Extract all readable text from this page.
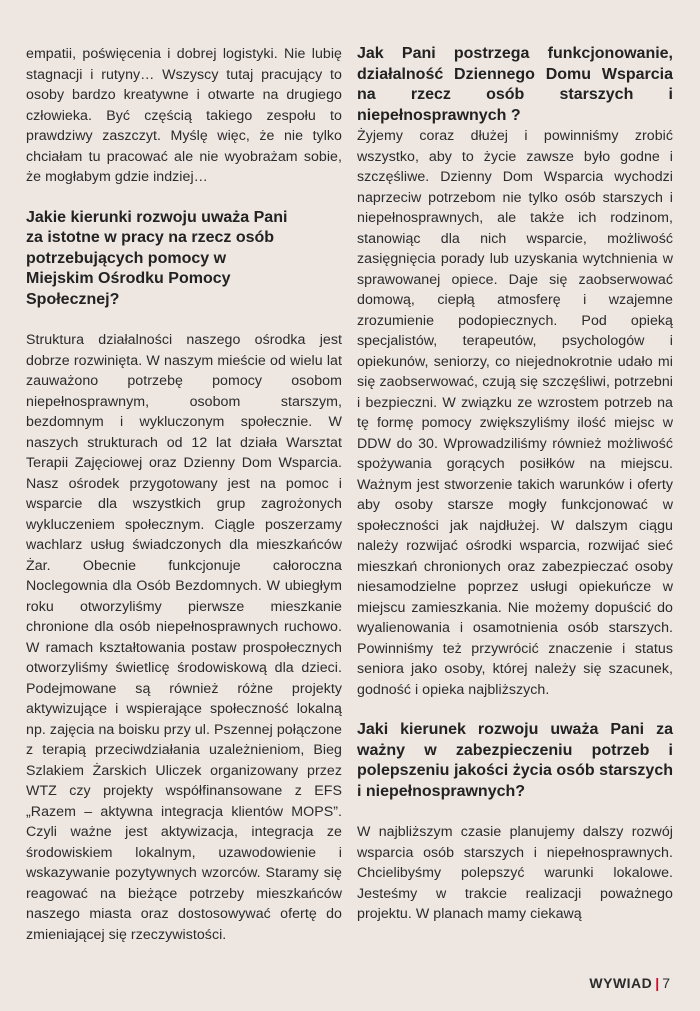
empatii, poświęcenia i dobrej logistyki. Nie lubię stagnacji i rutyny… Wszyscy tutaj pracujący to osoby bardzo kreatywne i otwarte na drugiego człowieka. Być częścią takiego zespołu to prawdziwy zaszczyt. Myślę więc, że nie tylko chciałam tu pracować ale nie wyobrażam sobie, że mogłabym gdzie indziej…

Jakie kierunki rozwoju uważa Pani za istotne w pracy na rzecz osób potrzebujących pomocy w Miejskim Ośrodku Pomocy Społecznej?

Struktura działalności naszego ośrodka jest dobrze rozwinięta. W naszym mieście od wielu lat zauważono potrzebę pomocy osobom niepełnosprawnym, osobom starszym, bezdomnym i wykluczonym społecznie. W naszych strukturach od 12 lat działa Warsztat Terapii Zajęciowej oraz Dzienny Dom Wsparcia. Nasz ośrodek przygotowany jest na pomoc i wsparcie dla wszystkich grup zagrożonych wykluczeniem społecznym. Ciągle poszerzamy wachlarz usług świadczonych dla mieszkańców Żar. Obecnie funkcjonuje całoroczna Noclegownia dla Osób Bezdomnych. W ubiegłym roku otworzyliśmy pierwsze mieszkanie chronione dla osób niepełnosprawnych ruchowo. W ramach kształtowania postaw prospołecznych otworzyliśmy świetlicę środowiskową dla dzieci. Podejmowane są również różne projekty aktywizujące i wspierające społeczność lokalną np. zajęcia na boisku przy ul. Pszennej połączone z terapią przeciwdziałania uzależnieniom, Bieg Szlakiem Żarskich Uliczek organizowany przez WTZ czy projekty współfinansowane z EFS „Razem – aktywna integracja klientów MOPS”. Czyli ważne jest aktywizacja, integracja ze środowiskiem lokalnym, uzawodowienie i wskazywanie pozytywnych wzorców. Staramy się reagować na bieżące potrzeby mieszkańców naszego miasta oraz dostosowywać ofertę do zmieniającej się rzeczywistości.

Jak Pani postrzega funkcjonowanie, działalność Dziennego Domu Wsparcia na rzecz osób starszych i niepełnosprawnych ?

Żyjemy coraz dłużej i powinniśmy zrobić wszystko, aby to życie zawsze było godne i szczęśliwe. Dzienny Dom Wsparcia wychodzi naprzeciw potrzebom nie tylko osób starszych i niepełnosprawnych, ale także ich rodzinom, stanowiąc dla nich wsparcie, możliwość zasięgnięcia porady lub uzyskania wytchnienia w sprawowanej opiece. Daje się zaobserwować domową, ciepłą atmosferę i wzajemne zrozumienie podopiecznych. Pod opieką specjalistów, terapeutów, psychologów i opiekunów, seniorzy, co niejednokrotnie udało mi się zaobserwować, czują się szczęśliwi, potrzebni i bezpieczni. W związku ze wzrostem potrzeb na tę formę pomocy zwiększyliśmy ilość miejsc w DDW do 30. Wprowadziliśmy również możliwość spożywania gorących posiłków na miejscu. Ważnym jest stworzenie takich warunków i oferty aby osoby starsze mogły funkcjonować w społeczności jak najdłużej. W dalszym ciągu należy rozwijać ośrodki wsparcia, rozwijać sieć mieszkań chronionych oraz zabezpieczać osoby niesamodzielne poprzez usługi opiekuńcze w miejscu zamieszkania. Nie możemy dopuścić do wyalienowania i osamotnienia osób starszych. Powinniśmy też przywrócić znaczenie i status seniora jako osoby, której należy się szacunek, godność i opieka najbliższych.

Jaki kierunek rozwoju uważa Pani za ważny w zabezpieczeniu potrzeb i polepszeniu jakości życia osób starszych i niepełnosprawnych?

W najbliższym czasie planujemy dalszy rozwój wsparcia osób starszych i niepełnosprawnych. Chcielibyśmy polepszyć warunki lokalowe. Jesteśmy w trakcie realizacji poważnego projektu. W planach mamy ciekawą

WYWIAD | 7
